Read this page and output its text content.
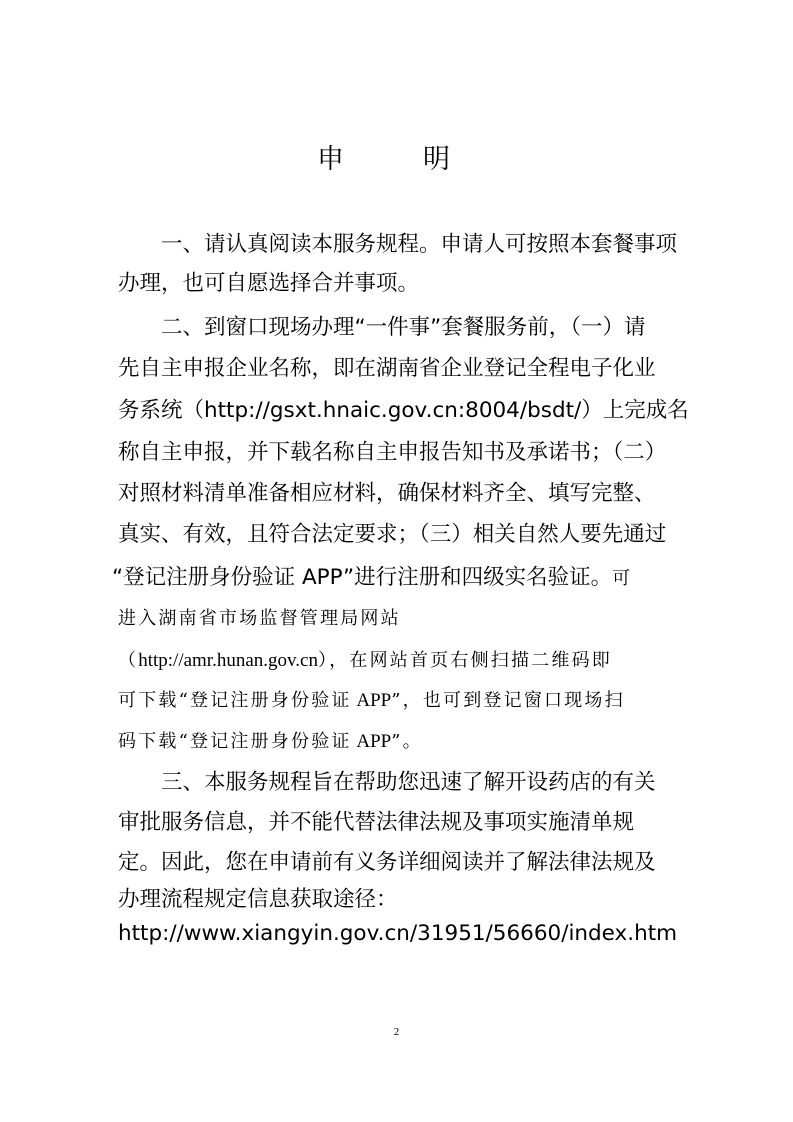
申　明
一、请认真阅读本服务规程。申请人可按照本套餐事项
办理，也可自愿选择合并事项。
二、到窗口现场办理“一件事”套餐服务前，（一）请
先自主申报企业名称，即在湖南省企业登记全程电子化业
务系统（http://gsxt.hnaic.gov.cn:8004/bsdt/）上完成名
称自主申报，并下载名称自主申报告知书及承诺书；（二）
对照材料清单准备相应材料，确保材料齐全、填写完整、
真实、有效，且符合法定要求；（三）相关自然人要先通过
“登记注册身份验证 APP”进行注册和四级实名验证。可
进入湖南省市场监督管理局网站
（http://amr.hunan.gov.cn），在网站首页右侧扫描二维码即
可下载“登记注册身份验证 APP”，也可到登记窗口现场扫
码下载“登记注册身份验证 APP”。
三、本服务规程旨在帮助您迅速了解开设药店的有关
审批服务信息，并不能代替法律法规及事项实施清单规
定。因此，您在申请前有义务详细阅读并了解法律法规及
办理流程规定信息获取途径：
http://www.xiangyin.gov.cn/31951/56660/index.htm
2
